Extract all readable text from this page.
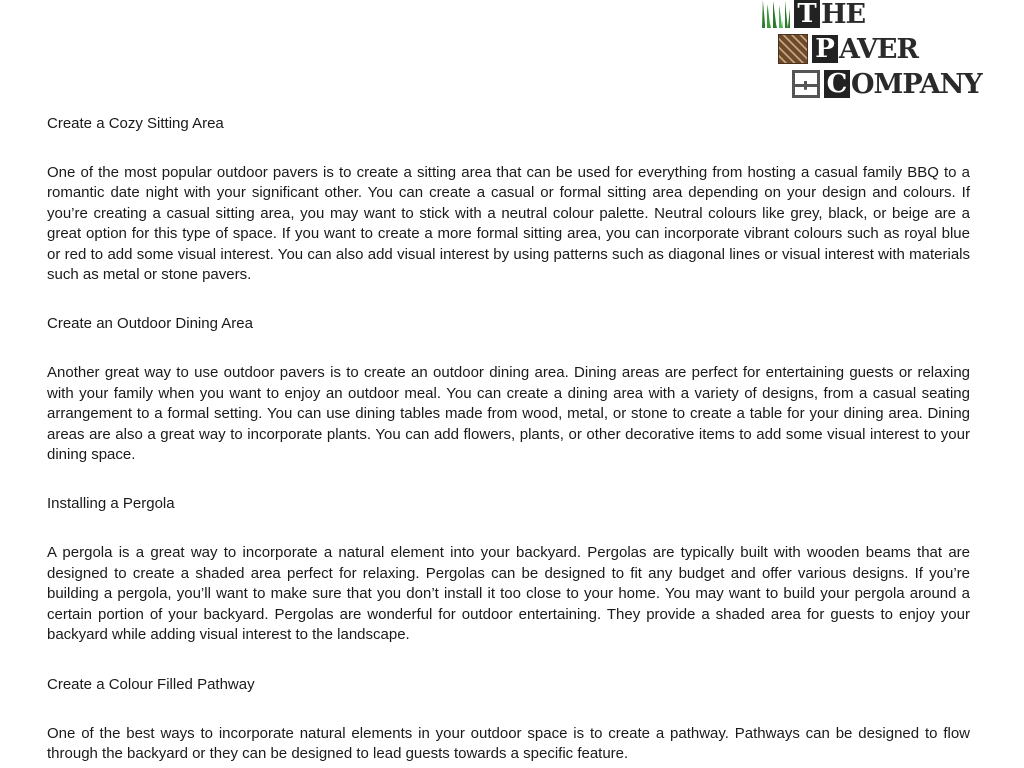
T HE
P AVER
C OMPANY
Create a Cozy Sitting Area

One of the most popular outdoor pavers is to create a sitting area that can be used for everything from hosting a casual family BBQ to a romantic date night with your significant other. You can create a casual or formal sitting area depending on your design and colours. If you’re creating a casual sitting area, you may want to stick with a neutral colour palette. Neutral colours like grey, black, or beige are a great option for this type of space. If you want to create a more formal sitting area, you can incorporate vibrant colours such as royal blue or red to add some visual interest. You can also add visual interest by using patterns such as diagonal lines or visual interest with materials such as metal or stone pavers.

Create an Outdoor Dining Area

Another great way to use outdoor pavers is to create an outdoor dining area. Dining areas are perfect for entertaining guests or relaxing with your family when you want to enjoy an outdoor meal. You can create a dining area with a variety of designs, from a casual seating arrangement to a formal setting. You can use dining tables made from wood, metal, or stone to create a table for your dining area. Dining areas are also a great way to incorporate plants. You can add flowers, plants, or other decorative items to add some visual interest to your dining space.

Installing a Pergola

A pergola is a great way to incorporate a natural element into your backyard. Pergolas are typically built with wooden beams that are designed to create a shaded area perfect for relaxing. Pergolas can be designed to fit any budget and offer various designs. If you’re building a pergola, you’ll want to make sure that you don’t install it too close to your home. You may want to build your pergola around a certain portion of your backyard. Pergolas are wonderful for outdoor entertaining. They provide a shaded area for guests to enjoy your backyard while adding visual interest to the landscape.

Create a Colour Filled Pathway

One of the best ways to incorporate natural elements in your outdoor space is to create a pathway. Pathways can be designed to flow through the backyard or they can be designed to lead guests towards a specific feature.
